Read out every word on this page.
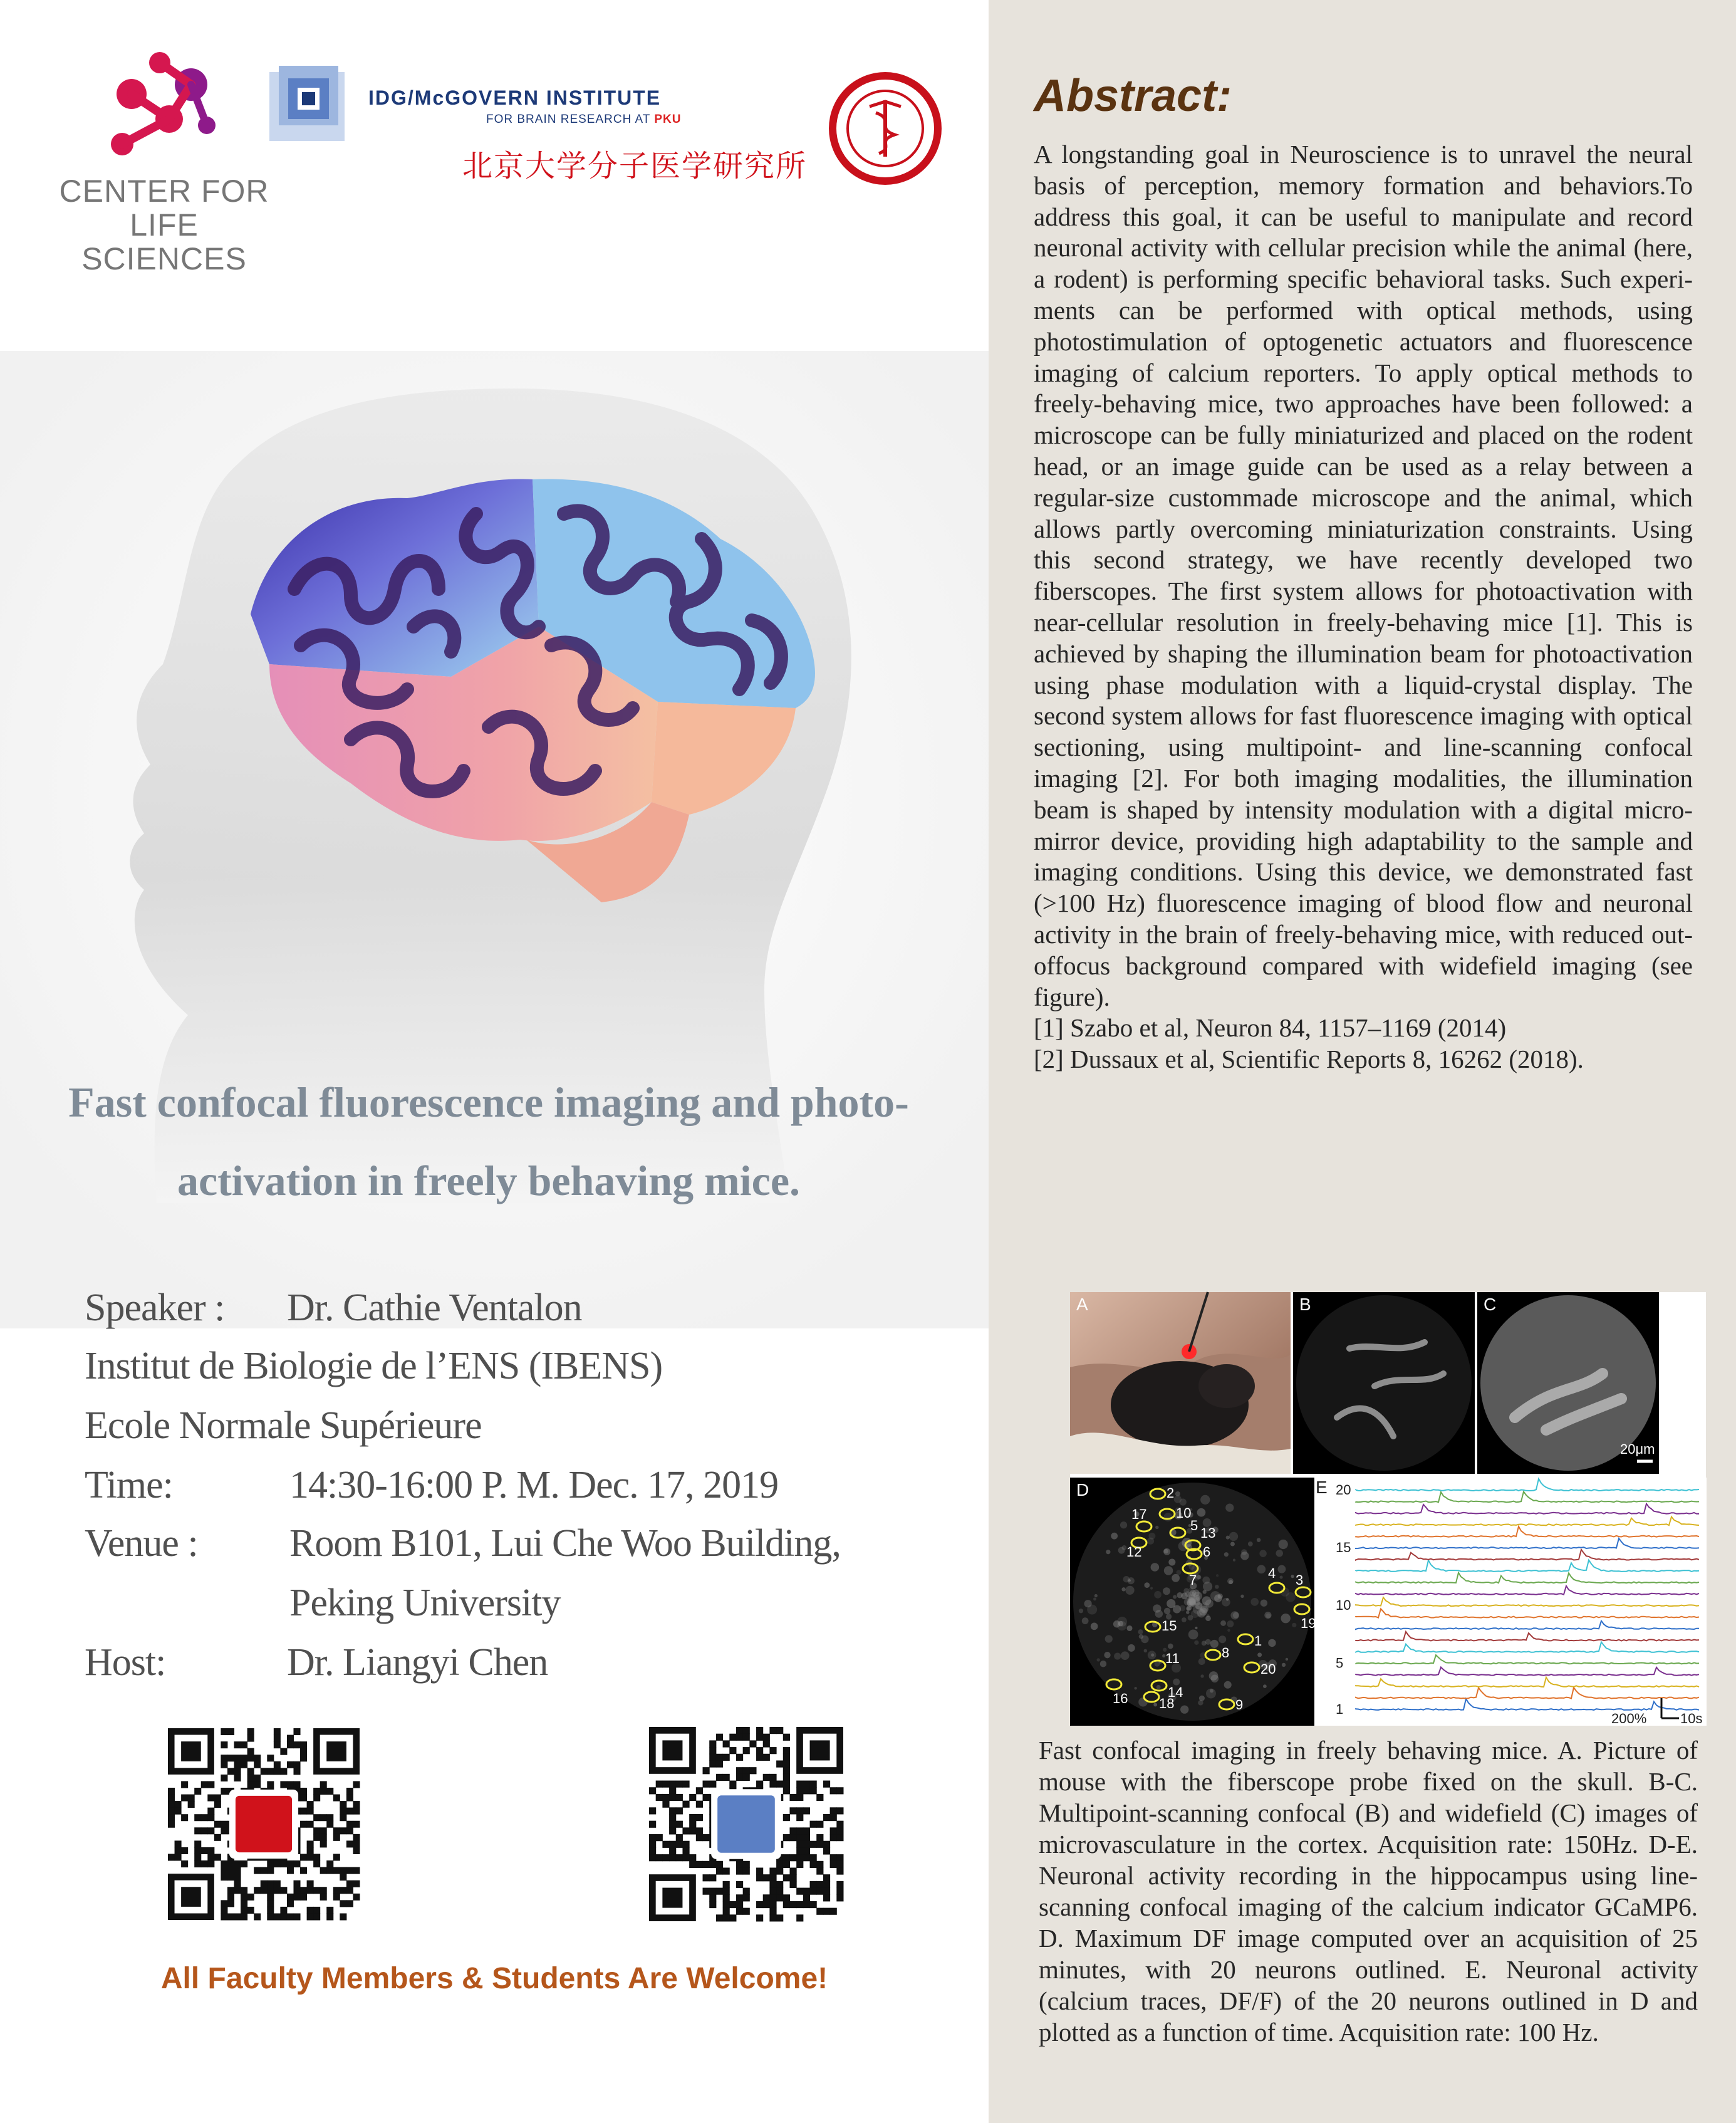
CENTER FOR LIFE SCIENCES
IDG/McGOVERN INSTITUTE
FOR BRAIN RESEARCH AT PKU
北京大学分子医学研究所
Fast confocal fluorescence imaging and photo-
activation in freely behaving mice.
Speaker : Dr. Cathie Ventalon
Institut de Biologie de l’ENS (IBENS)
Ecole Normale Supérieure
Time:	14:30-16:00 P. M. Dec. 17, 2019
Venue : Room B101, Lui Che Woo Building,
Peking University
Host:	Dr. Liangyi Chen
All Faculty Members & Students Are Welcome!
Abstract:

A longstanding goal in Neuroscience is to unravel the neural basis of perception, memory formation and behaviors.To address this goal, it can be useful to manipulate and record neuronal activity with cellular precision while the animal (here, a rodent) is performing specific behavioral tasks. Such experiments can be performed with optical methods, using photostimulation of optogenetic actuators and fluorescence imaging of calcium reporters. To apply optical methods to freely-behaving mice, two approaches have been followed: a microscope can be fully miniaturized and placed on the rodent head, or an image guide can be used as a relay between a regular-size custommade microscope and the animal, which allows partly overcoming miniaturization constraints. Using this second strategy, we have recently developed two fiberscopes. The first system allows for photoactivation with near-cellular resolution in freely-behaving mice [1]. This is achieved by shaping the illumination beam for photoactivation using phase modulation with a liquid-crystal display. The second system allows for fast fluorescence imaging with optical sectioning, using multipoint- and line-scanning confocal imaging [2]. For both imaging modalities, the illumination beam is shaped by intensity modulation with a digital micro-mirror device, providing high adaptability to the sample and imaging conditions. Using this device, we demonstrated fast (>100 Hz) fluorescence imaging of blood flow and neuronal activity in the brain of freely-behaving mice, with reduced out-offocus background compared with widefield imaging (see figure).

[1] Szabo et al, Neuron 84, 1157–1169 (2014)

[2] Dussaux et al, Scientific Reports 8, 16262 (2018).

A	B	C
20μm
1
2
3
4
5
6
7
8
9
10
11
12
13
14
15
16
17
18
19
20
D	20
15
10
5
1
200% 10s
E
Fast confocal imaging in freely behaving mice. A. Picture of mouse with the fiberscope probe fixed on the skull. B-C. Multipoint-scanning confocal (B) and widefield (C) images of microvasculature in the cortex. Acquisition rate: 150Hz. D-E. Neuronal activity recording in the hippocampus using line-scanning confocal imaging of the calcium indicator GCaMP6. D. Maximum DF image computed over an acquisition of 25 minutes, with 20 neurons outlined. E. Neuronal activity (calcium traces, DF/F) of the 20 neurons outlined in D and plotted as a function of time. Acquisition rate: 100 Hz.
